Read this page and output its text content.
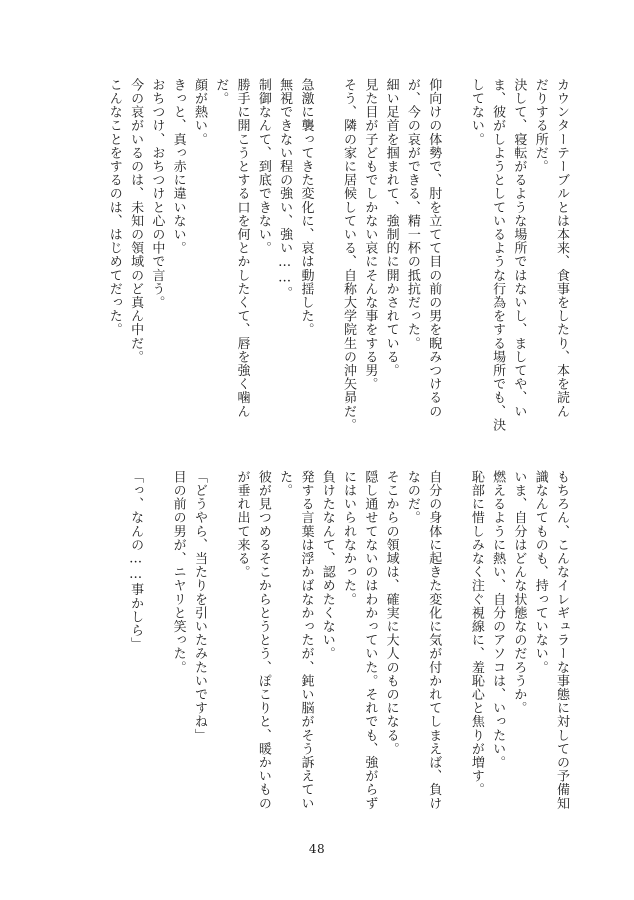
カウンターテーブルとは本来、食事をしたり、本を読ん
だりする所だ。
決して、寝転がるような場所ではないし、ましてや、い
ま、彼がしようとしているような行為をする場所でも、決
してない。
仰向けの体勢で、肘を立てて目の前の男を睨みつけるの
が、今の哀ができる、精一杯の抵抗だった。
細い足首を掴まれて、強制的に開かされている。
見た目が子どもでしかない哀にそんな事をする男。
そう、隣の家に居候している、自称大学院生の沖矢昴だ。
急激に襲ってきた変化に、哀は動揺した。
無視できない程の強い、強い……。
制御なんて、到底できない。
勝手に開こうとする口を何とかしたくて、唇を強く噛ん
だ。
顔が熱い。
きっと、真っ赤に違いない。
おちつけ、おちつけと心の中で言う。
今の哀がいるのは、未知の領域のど真ん中だ。
こんなことをするのは、はじめてだった。
もちろん、こんなイレギュラーな事態に対しての予備知
識なんてものも、持っていない。
いま、自分はどんな状態なのだろうか。
燃えるように熱い、自分のアソコは、いったい。
恥部に惜しみなく注ぐ視線に、羞恥心と焦りが増す。
自分の身体に起きた変化に気が付かれてしまえば、負け
なのだ。
そこからの領域は、確実に大人のものになる。
隠し通せてないのはわかっていた。それでも、強がらず
にはいられなかった。
負けたなんて、認めたくない。
発する言葉は浮かばなかったが、鈍い脳がそう訴えてい
た。
彼が見つめるそこからとうとう、ぽこりと、暖かいもの
が垂れ出て来る。
「どうやら、当たりを引いたみたいですね」
目の前の男が、ニヤリと笑った。
「っ、なんの……事かしら」
48
